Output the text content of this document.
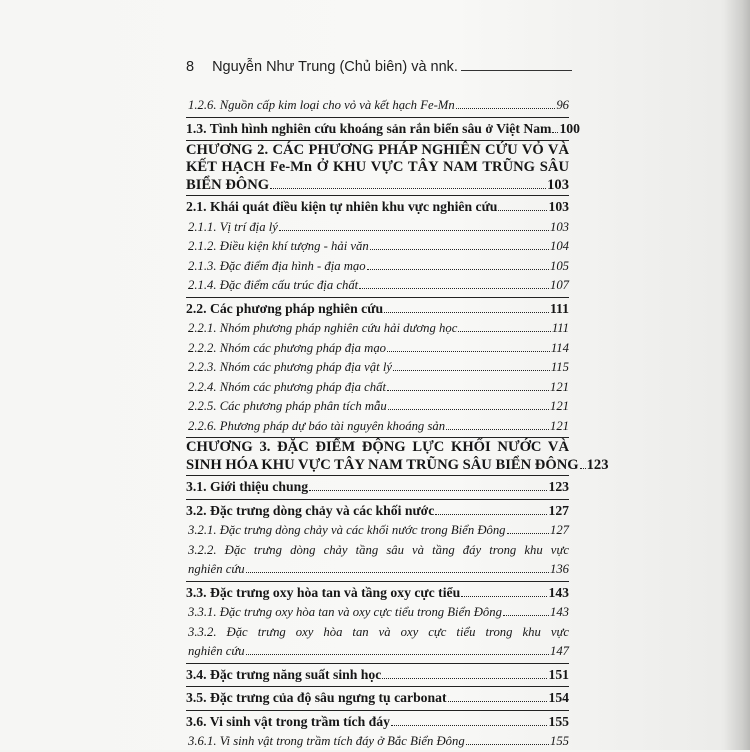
8 Nguyễn Như Trung (Chủ biên) và nnk.
1.2.6. Nguồn cấp kim loại cho vỏ và kết hạch Fe-Mn	96
1.3. Tình hình nghiên cứu khoáng sản rắn biển sâu ở Việt Nam 100
CHƯƠNG 2. CÁC PHƯƠNG PHÁP NGHIÊN CỨU VỎ VÀ
KẾT HẠCH Fe-Mn Ở KHU VỰC TÂY NAM TRŨNG SÂU
BIỂN ĐÔNG	103
2.1. Khái quát điều kiện tự nhiên khu vực nghiên cứu	103
2.1.1. Vị trí địa lý	103
2.1.2. Điều kiện khí tượng - hải văn	104
2.1.3. Đặc điểm địa hình - địa mạo	105
2.1.4. Đặc điểm cấu trúc địa chất	107
2.2. Các phương pháp nghiên cứu	111
2.2.1. Nhóm phương pháp nghiên cứu hải dương học	111
2.2.2. Nhóm các phương pháp địa mạo	114
2.2.3. Nhóm các phương pháp địa vật lý	115
2.2.4. Nhóm các phương pháp địa chất	121
2.2.5. Các phương pháp phân tích mẫu	121
2.2.6. Phương pháp dự báo tài nguyên khoáng sản	121
CHƯƠNG 3. ĐẶC ĐIỂM ĐỘNG LỰC KHỐI NƯỚC VÀ
SINH HÓA KHU VỰC TÂY NAM TRŨNG SÂU BIỂN ĐÔNG 123
3.1. Giới thiệu chung	123
3.2. Đặc trưng dòng chảy và các khối nước	127
3.2.1. Đặc trưng dòng chảy và các khối nước trong Biển Đông	127
3.2.2. Đặc trưng dòng chảy tầng sâu và tầng đáy trong khu vực
nghiên cứu	136
3.3. Đặc trưng oxy hòa tan và tầng oxy cực tiểu	143
3.3.1. Đặc trưng oxy hòa tan và oxy cực tiểu trong Biển Đông	143
3.3.2. Đặc trưng oxy hòa tan và oxy cực tiểu trong khu vực
nghiên cứu	147
3.4. Đặc trưng năng suất sinh học	151
3.5. Đặc trưng của độ sâu ngưng tụ carbonat	154
3.6. Vi sinh vật trong trầm tích đáy	155
3.6.1. Vi sinh vật trong trầm tích đáy ở Bắc Biển Đông	155
